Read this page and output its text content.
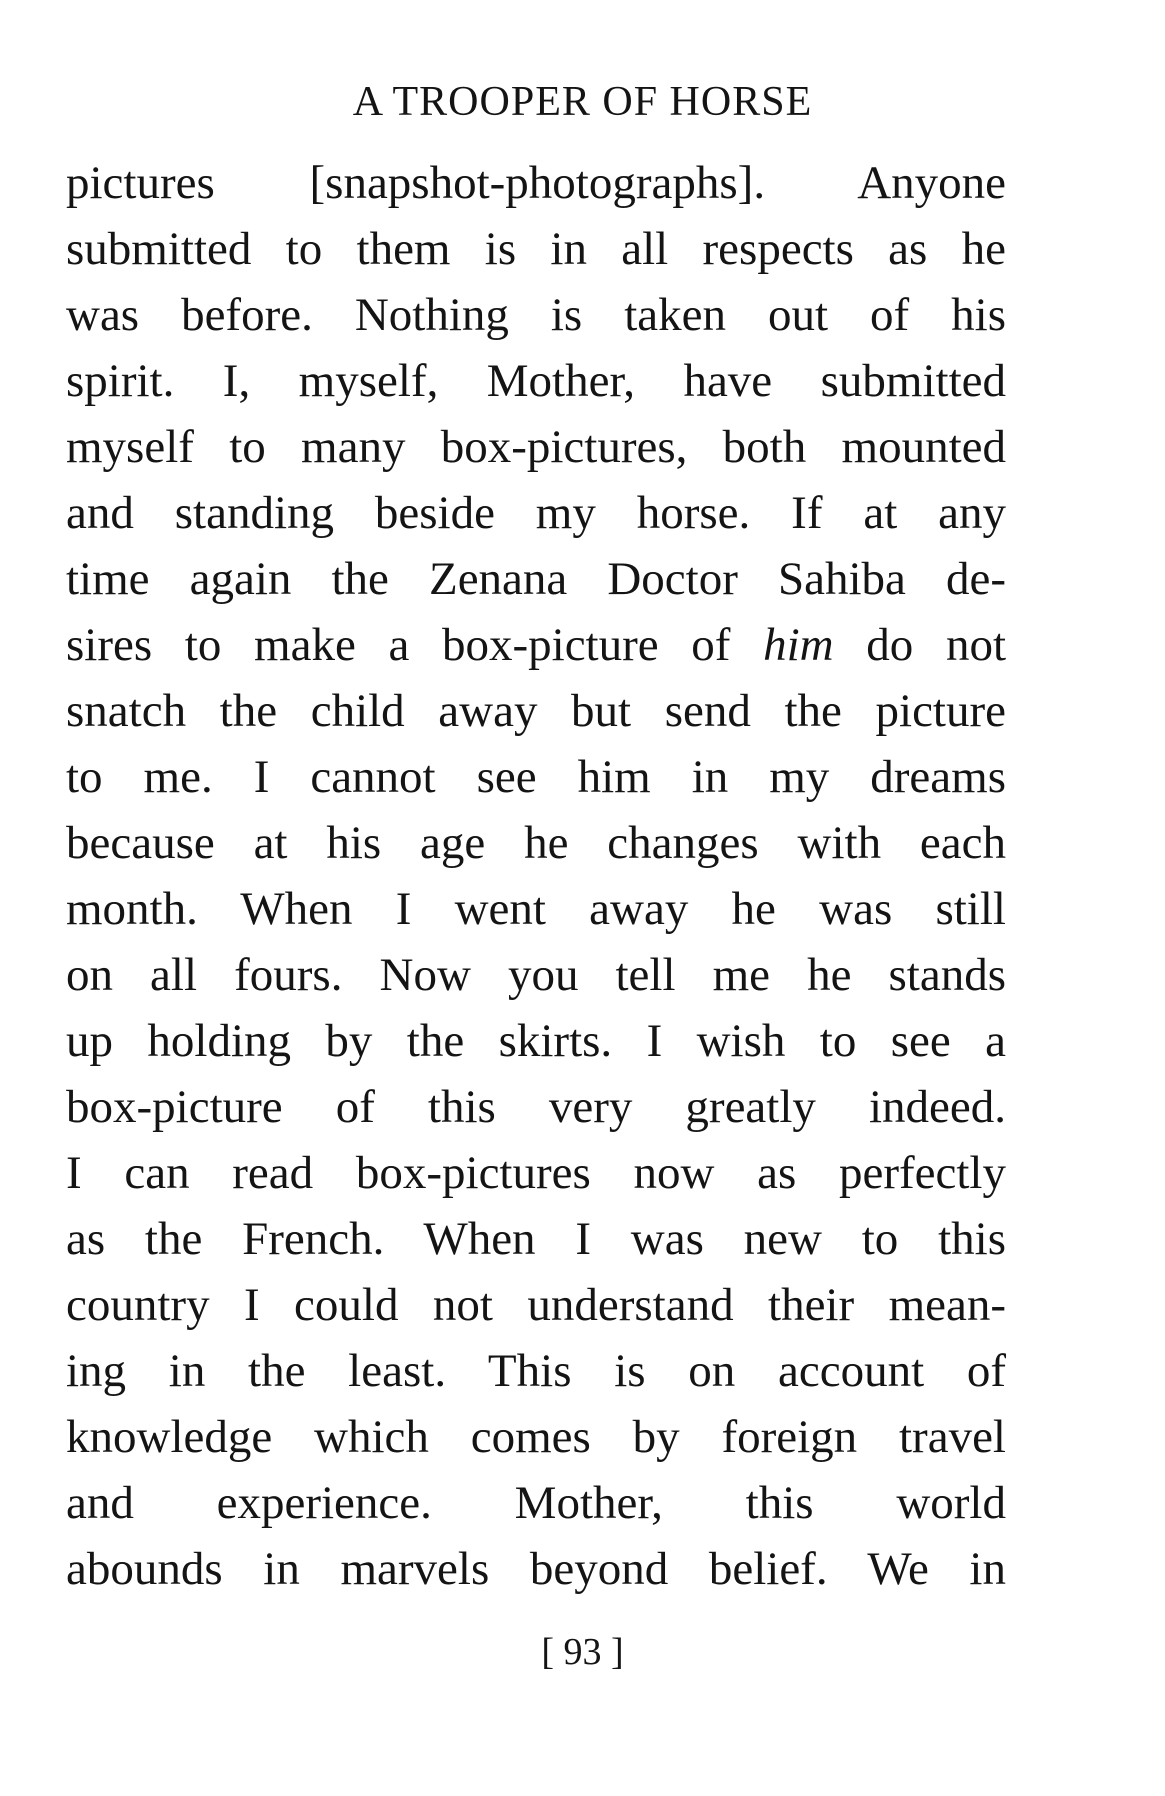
A TROOPER OF HORSE
pictures [snapshot-photographs]. Anyone
submitted to them is in all respects as he
was before. Nothing is taken out of his
spirit. I, myself, Mother, have submitted
myself to many box-pictures, both mounted
and standing beside my horse. If at any
time again the Zenana Doctor Sahiba de-
sires to make a box-picture of him do not
snatch the child away but send the picture
to me. I cannot see him in my dreams
because at his age he changes with each
month. When I went away he was still
on all fours. Now you tell me he stands
up holding by the skirts. I wish to see a
box-picture of this very greatly indeed.
I can read box-pictures now as perfectly
as the French. When I was new to this
country I could not understand their mean-
ing in the least. This is on account of
knowledge which comes by foreign travel
and experience. Mother, this world
abounds in marvels beyond belief. We in
[ 93 ]
